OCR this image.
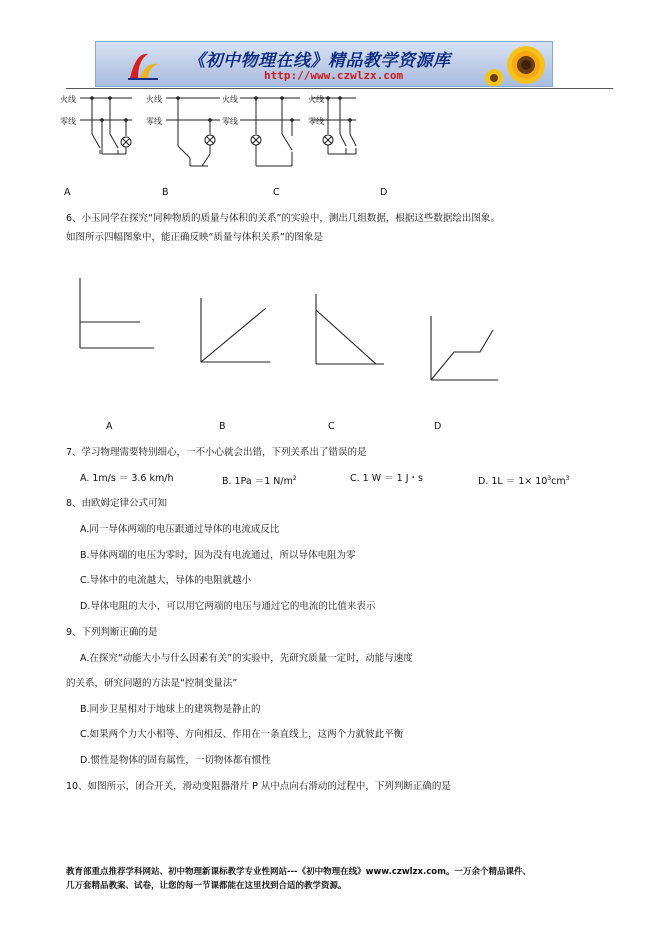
《初中物理在线》精品教学资源库
http://www.czwlzx.com
火线
零线
火线
零线
火线
零线
火线
零线
A	B	C	D
6、小玉同学在探究“同种物质的质量与体积的关系”的实验中，测出几组数据，根据这些数据绘出图象。
如图所示四幅图象中，能正确反映“质量与体积关系”的图象是
A	B	C	D
7、学习物理需要特别细心，一不小心就会出错，下列关系出了错误的是
A. 1m/s ＝ 3.6 km/h	B. 1Pa ＝1 $N/m^2$	C. 1 W ＝ 1 J・s	D. $1L = 1\times 10^3cm^3$
8、由欧姆定律公式可知
A.同一导体两端的电压跟通过导体的电流成反比
B.导体两端的电压为零时，因为没有电流通过，所以导体电阻为零
C.导体中的电流越大，导体的电阻就越小
D.导体电阻的大小，可以用它两端的电压与通过它的电流的比值来表示
9、下列判断正确的是
A.在探究“动能大小与什么因素有关”的实验中，先研究质量一定时，动能与速度
的关系，研究问题的方法是“控制变量法”
B.同步卫星相对于地球上的建筑物是静止的
C.如果两个力大小相等、方向相反、作用在一条直线上，这两个力就彼此平衡
D.惯性是物体的固有属性，一切物体都有惯性
10、如图所示，闭合开关，滑动变阻器滑片 P 从中点向右滑动的过程中，下列判断正确的是
教育部重点推荐学科网站、初中物理新课标教学专业性网站---《初中物理在线》www.czwlzx.com。一万余个精品课件、
几万套精品教案、试卷，让您的每一节课都能在这里找到合适的教学资源。
